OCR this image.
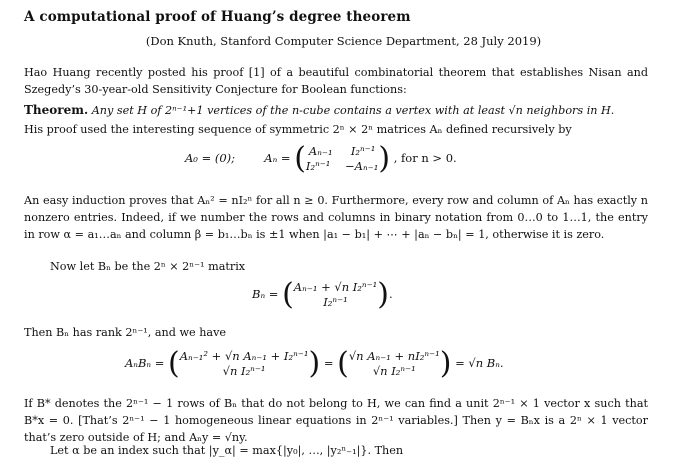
A computational proof of Huang’s degree theorem
(Don Knuth, Stanford Computer Science Department, 28 July 2019)
Hao Huang recently posted his proof [1] of a beautiful combinatorial theorem that establishes Nisan and Szegedy’s 30-year-old Sensitivity Conjecture for Boolean functions:
Theorem. Any set H of 2ⁿ⁻¹+1 vertices of the n-cube contains a vertex with at least √n neighbors in H.
His proof used the interesting sequence of symmetric 2ⁿ × 2ⁿ matrices Aₙ defined recursively by
A₀ = (0);	Aₙ = ( Aₙ₋₁ I₂ⁿ⁻¹
I₂ⁿ⁻¹ −Aₙ₋₁) , for n > 0.
An easy induction proves that Aₙ² = nI₂ⁿ for all n ≥ 0. Furthermore, every row and column of Aₙ has exactly n nonzero entries. Indeed, if we number the rows and columns in binary notation from 0…0 to 1…1, the entry in row α = a₁…aₙ and column β = b₁…bₙ is ±1 when |a₁ − b₁| + ⋯ + |aₙ − bₙ| = 1, otherwise it is zero.
Now let Bₙ be the 2ⁿ × 2ⁿ⁻¹ matrix
Bₙ = (Aₙ₋₁ + √n I₂ⁿ⁻¹
I₂ⁿ⁻¹ ).
Then Bₙ has rank 2ⁿ⁻¹, and we have
AₙBₙ = (Aₙ₋₁² + √n Aₙ₋₁ + I₂ⁿ⁻¹
√n I₂ⁿ⁻¹ ) = (√n Aₙ₋₁ + nI₂ⁿ⁻¹
√n I₂ⁿ⁻¹ ) = √n Bₙ.
If B* denotes the 2ⁿ⁻¹ − 1 rows of Bₙ that do not belong to H, we can find a unit 2ⁿ⁻¹ × 1 vector x such that B*x = 0. [That’s 2ⁿ⁻¹ − 1 homogeneous linear equations in 2ⁿ⁻¹ variables.] Then y = Bₙx is a 2ⁿ × 1 vector that’s zero outside of H; and Aₙy = √ny.
Let α be an index such that |y_α| = max{|y₀|, …, |y₂ⁿ₋₁|}. Then
